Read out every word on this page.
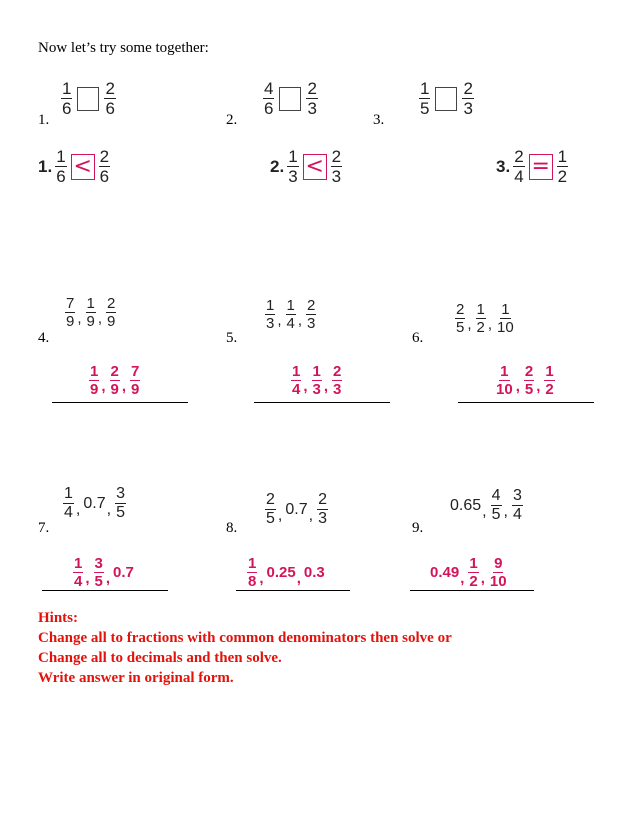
Now let’s try some together:
1.
$\frac{1}{6} \frac{2}{6}$
2.
$\frac{4}{6} \frac{2}{3}$
3.
$\frac{1}{5} \frac{2}{3}$
1. $\frac{1}{6} < \frac{2}{6}$	2. $\frac{1}{3} < \frac{2}{3}$	3. $\frac{2}{4} = \frac{1}{2}$
4.
$\frac{7}{9}$ , $\frac{1}{9}$ , $\frac{2}{9}$
5.
$\frac{1}{3}$ , $\frac{1}{4}$ , $\frac{2}{3}$
6.
$\frac{2}{5}$ , $\frac{1}{2}$ , $\frac{1}{10}$
$\frac{1}{9}$ , $\frac{2}{9}$ , $\frac{7}{9}$	$\frac{1}{4}$ , $\frac{1}{3}$ , $\frac{2}{3}$	$\frac{1}{10}$ , $\frac{2}{5}$ , $\frac{1}{2}$
7.
$\frac{1}{4}$ , 0.7 , $\frac{3}{5}$
8.
$\frac{2}{5}$ , 0.7 , $\frac{2}{3}$
9.
0.65 , $\frac{4}{5}$ , $\frac{3}{4}$
$\frac{1}{4}$ , $\frac{3}{5}$ , 0.7	$\frac{1}{8}$ , 0.25 , 0.3	0.49 , $\frac{1}{2}$ , $\frac{9}{10}$
Hints:
Change all to fractions with common denominators then solve or
Change all to decimals and then solve.
Write answer in original form.
